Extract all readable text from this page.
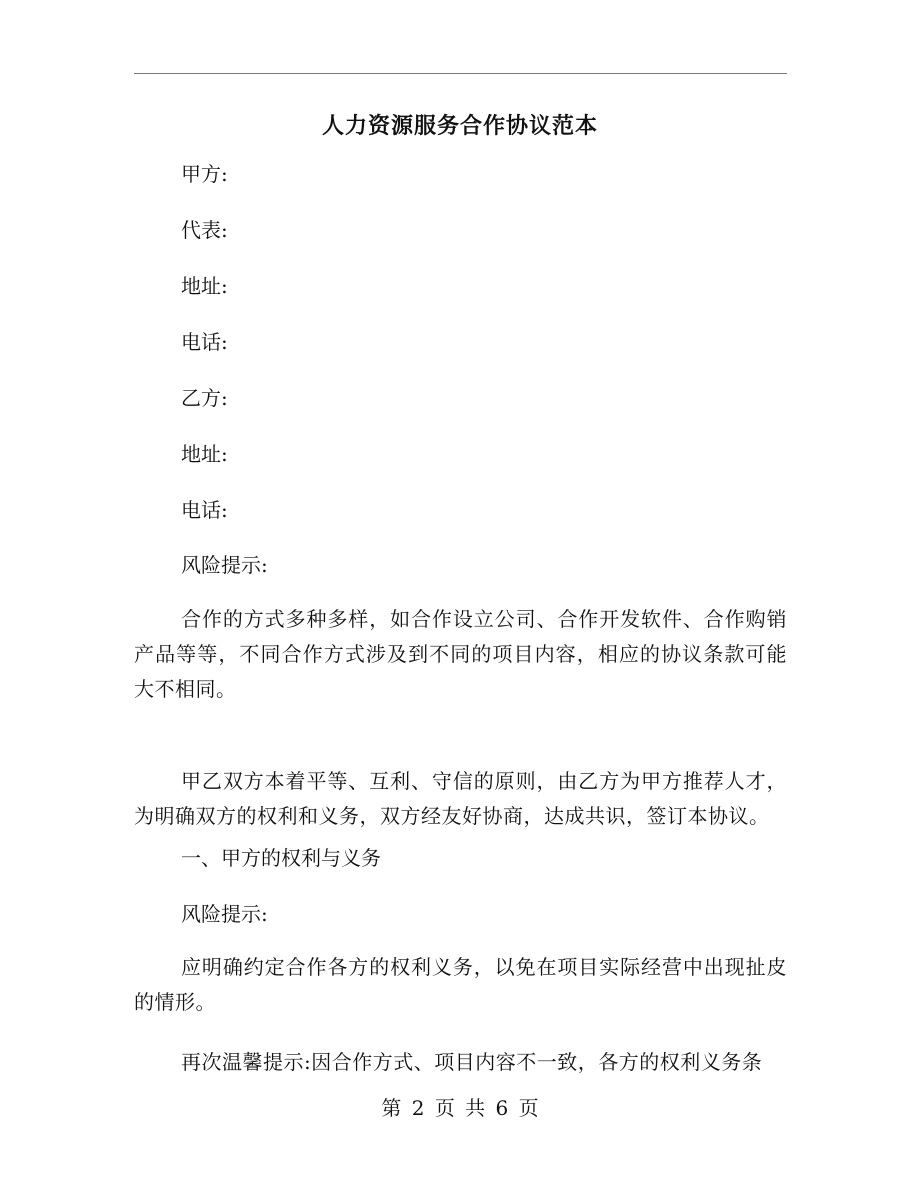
人力资源服务合作协议范本
甲方:
代表:
地址:
电话:
乙方:
地址:
电话:
风险提示:
合作的方式多种多样，如合作设立公司、合作开发软件、合作购销产品等等，不同合作方式涉及到不同的项目内容，相应的协议条款可能大不相同。
甲乙双方本着平等、互利、守信的原则，由乙方为甲方推荐人才，为明确双方的权利和义务，双方经友好协商，达成共识，签订本协议。
一、甲方的权利与义务
风险提示:
应明确约定合作各方的权利义务，以免在项目实际经营中出现扯皮的情形。
再次温馨提示:因合作方式、项目内容不一致，各方的权利义务条
第 2 页 共 6 页
